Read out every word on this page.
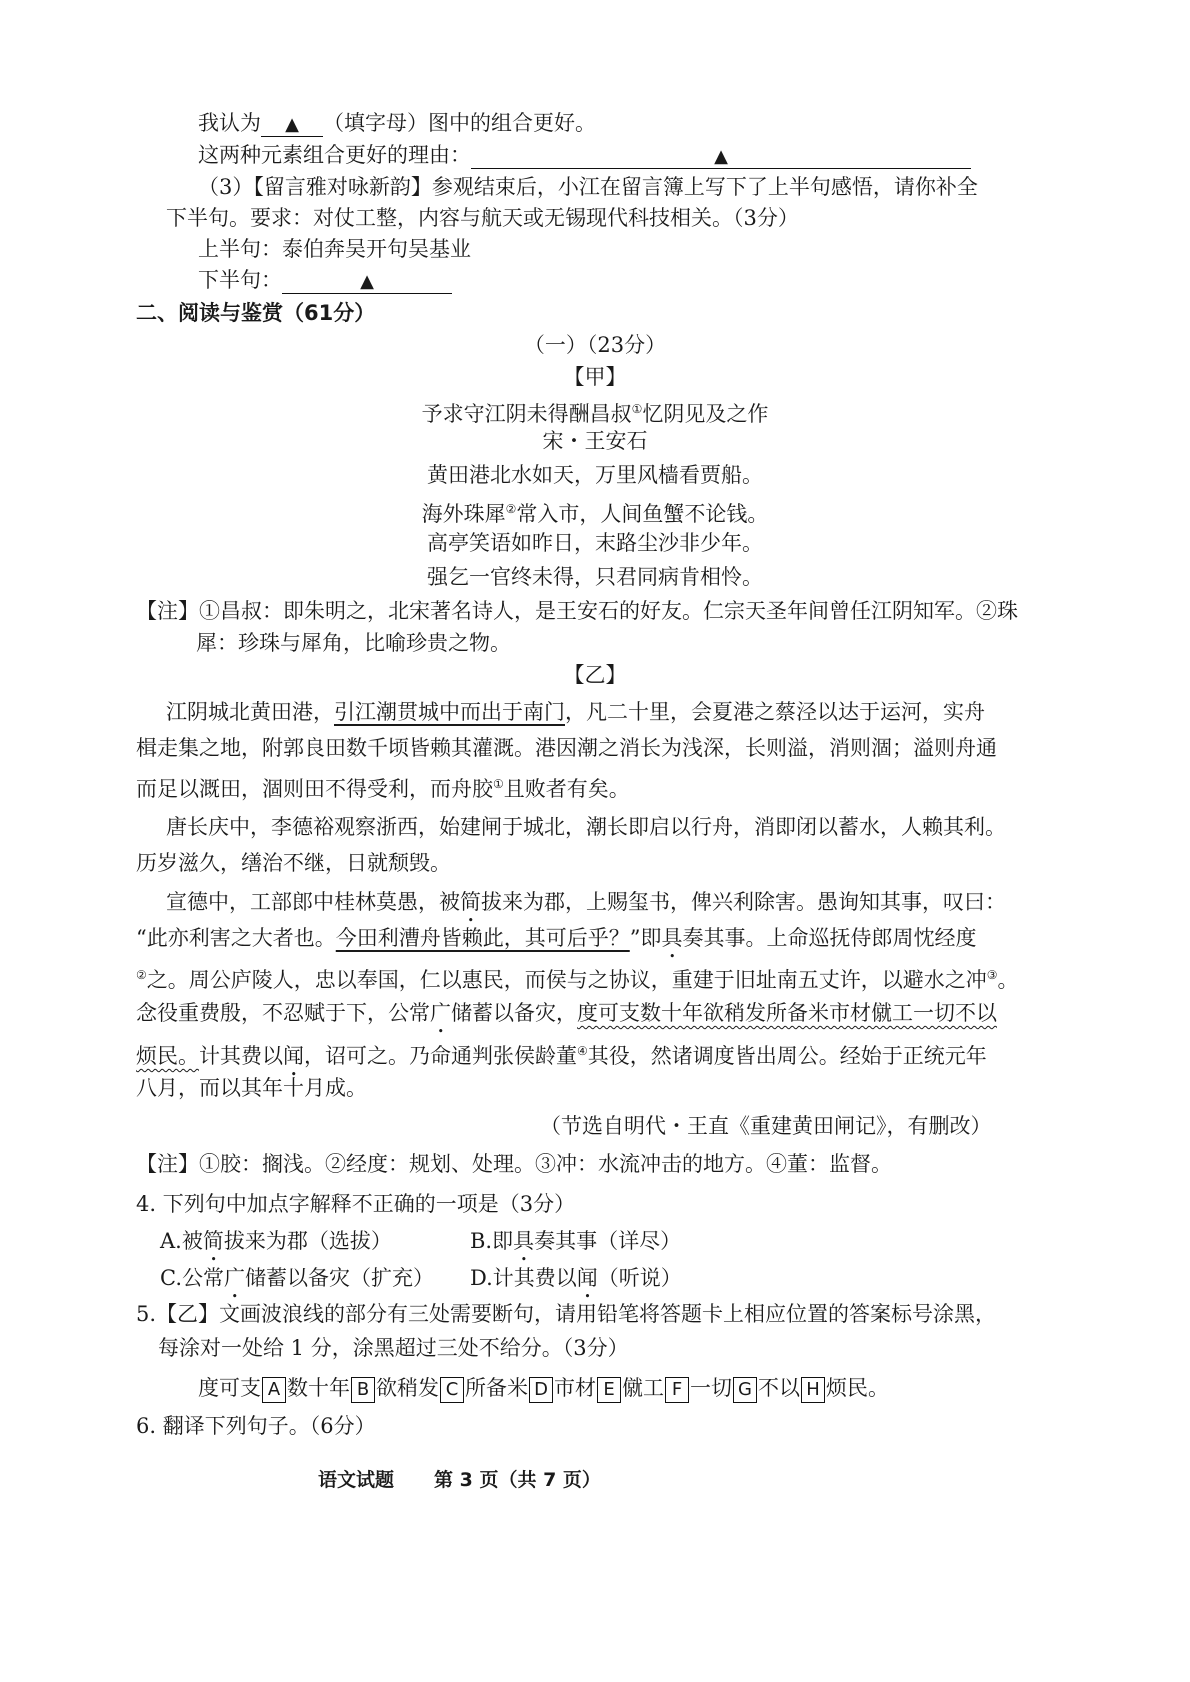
我认为 ▲ （填字母）图中的组合更好。
这两种元素组合更好的理由：	▲
（3）【留言雅对咏新韵】参观结束后，小江在留言簿上写下了上半句感悟，请你补全
下半句。要求：对仗工整，内容与航天或无锡现代科技相关。（3分）
上半句：泰伯奔吴开句吴基业
下半句：	▲
二、阅读与鉴赏（61分）
（一）（23分）
【甲】
予求守江阴未得酬昌叔①忆阴见及之作
宋・王安石
黄田港北水如天，万里风樯看贾船。
海外珠犀②常入市，人间鱼蟹不论钱。
高亭笑语如昨日，末路尘沙非少年。
强乞一官终未得，只君同病肯相怜。
【注】①昌叔：即朱明之，北宋著名诗人，是王安石的好友。仁宗天圣年间曾任江阴知军。②珠
犀：珍珠与犀角，比喻珍贵之物。
【乙】
江阴城北黄田港，引江潮贯城中而出于南门，凡二十里，会夏港之蔡泾以达于运河，实舟
楫走集之地，附郭良田数千顷皆赖其灌溉。港因潮之消长为浅深，长则溢，消则涸；溢则舟通
而足以溉田，涸则田不得受利，而舟胶①且败者有矣。
唐长庆中，李德裕观察浙西，始建闸于城北，潮长即启以行舟，消即闭以蓄水，人赖其利。
历岁滋久，缮治不继，日就颓毁。
宣德中，工部郎中桂林莫愚，被简拔来为郡，上赐玺书，俾兴利除害。愚询知其事，叹曰：
“此亦利害之大者也。今田利漕舟皆赖此，其可后乎？”即具奏其事。上命巡抚侍郎周忱经度
②之。周公庐陵人，忠以奉国，仁以惠民，而侯与之协议，重建于旧址南五丈许，以避水之冲③。
念役重费殷，不忍赋于下，公常广储蓄以备灾，度可支数十年欲稍发所备米市材僦工一切不以
烦民。计其费以闻，诏可之。乃命通判张侯龄董④其役，然诸调度皆出周公。经始于正统元年
八月，而以其年十月成。
（节选自明代・王直《重建黄田闸记》，有删改）
【注】①胶：搁浅。②经度：规划、处理。③冲：水流冲击的地方。④董：监督。
4. 下列句中加点字解释不正确的一项是（3分）
A.被简拔来为郡（选拔）	B.即具奏其事（详尽）
C.公常广储蓄以备灾（扩充） D.计其费以闻（听说）
5.【乙】文画波浪线的部分有三处需要断句，请用铅笔将答题卡上相应位置的答案标号涂黑，
每涂对一处给 1 分，涂黑超过三处不给分。（3分）
度可支 A 数十年 B 欲稍发 C 所备米 D 市材 E 僦工 F 一切 G 不以 H 烦民。
6. 翻译下列句子。（6分）
语文试题 第 3 页（共 7 页）
